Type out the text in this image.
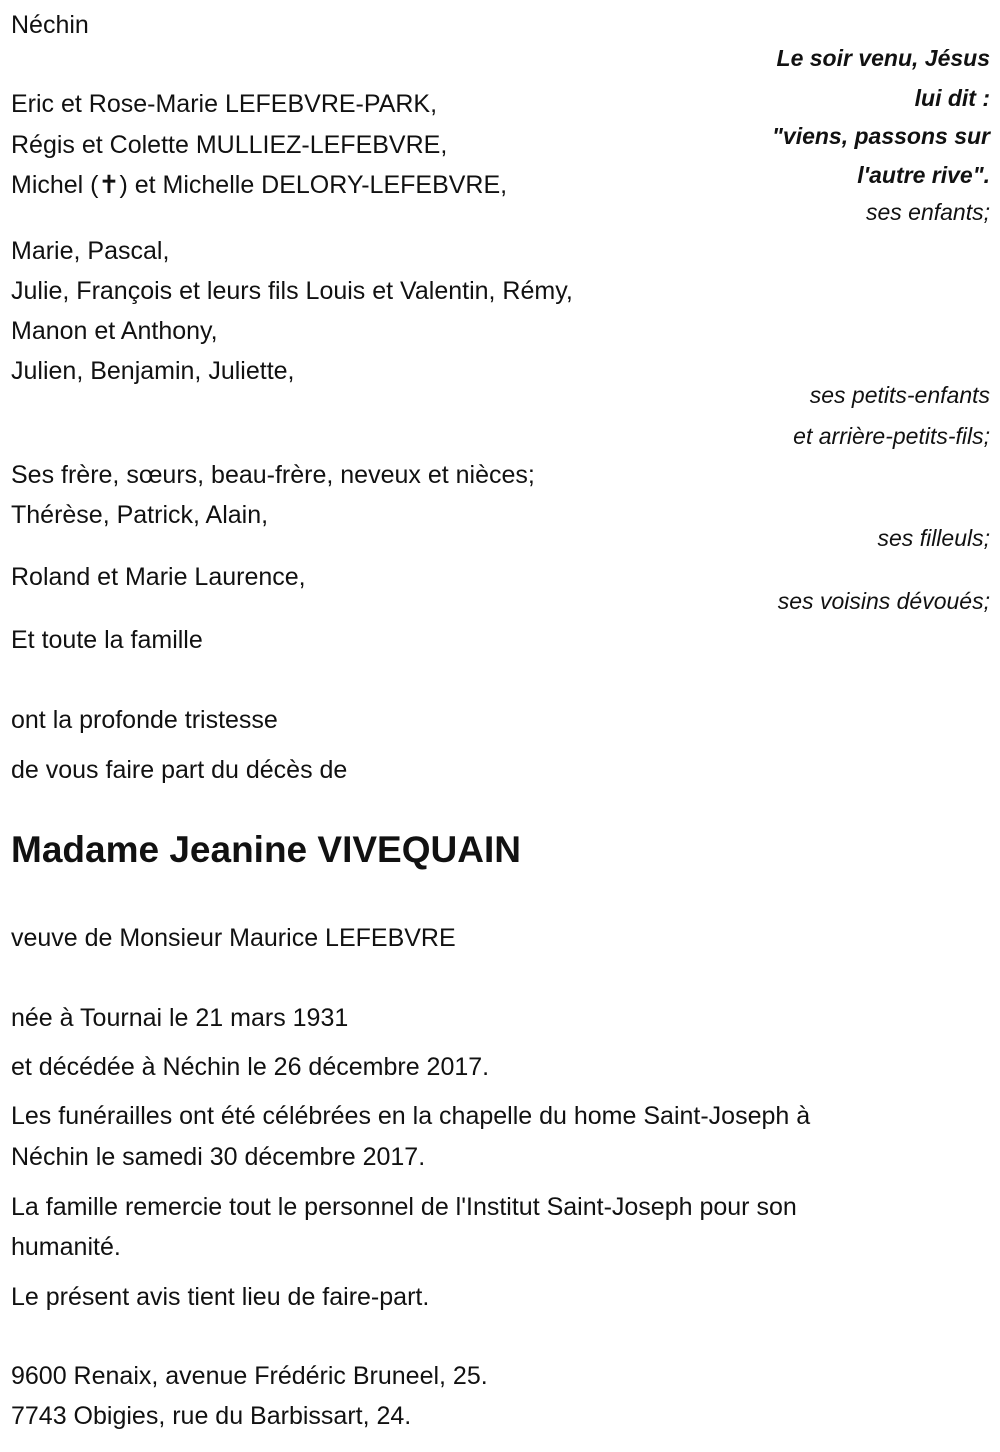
Néchin
Le soir venu, Jésus
lui dit :
"viens, passons sur
l'autre rive".
ses enfants;
Eric et Rose-Marie LEFEBVRE-PARK,
Régis et Colette MULLIEZ-LEFEBVRE,
Michel (✝) et Michelle DELORY-LEFEBVRE,
Marie, Pascal,
Julie, François et leurs fils Louis et Valentin, Rémy,
Manon et Anthony,
Julien, Benjamin, Juliette,
ses petits-enfants
et arrière-petits-fils;
Ses frère, sœurs, beau-frère, neveux et nièces;
Thérèse, Patrick, Alain,
ses filleuls;
Roland et Marie Laurence,
ses voisins dévoués;
Et toute la famille
ont la profonde tristesse
de vous faire part du décès de
Madame Jeanine VIVEQUAIN
veuve de Monsieur Maurice LEFEBVRE
née à Tournai le 21 mars 1931
et décédée à Néchin le 26 décembre 2017.
Les funérailles ont été célébrées en la chapelle du home Saint-Joseph à
Néchin le samedi 30 décembre 2017.
La famille remercie tout le personnel de l'Institut Saint-Joseph pour son
humanité.
Le présent avis tient lieu de faire-part.
9600 Renaix, avenue Frédéric Bruneel, 25.
7743 Obigies, rue du Barbissart, 24.
